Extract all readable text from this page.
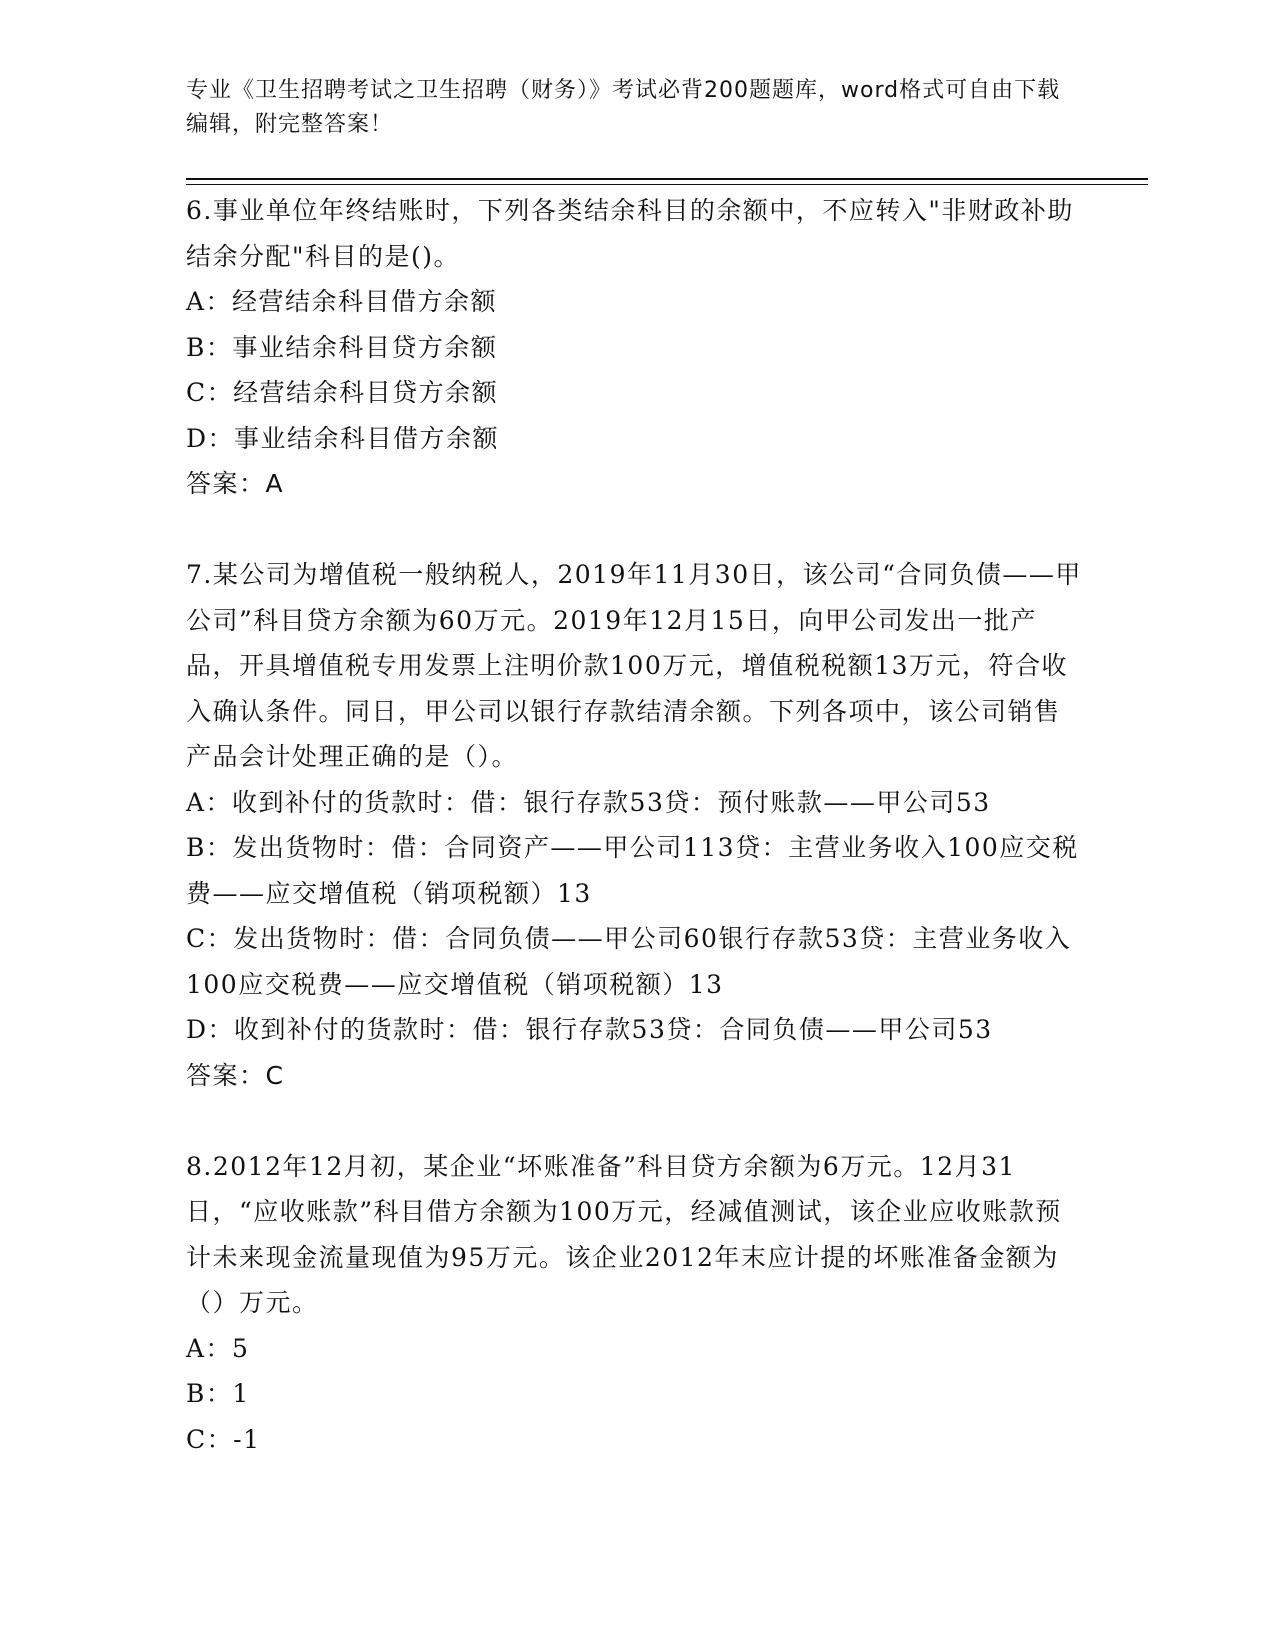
专业《卫生招聘考试之卫生招聘（财务）》考试必背200题题库，word格式可自由下载编辑，附完整答案！

6.事业单位年终结账时，下列各类结余科目的余额中，不应转入"非财政补助结余分配"科目的是()。

A：经营结余科目借方余额

B：事业结余科目贷方余额

C：经营结余科目贷方余额

D：事业结余科目借方余额

答案：A

7.某公司为增值税一般纳税人，2019年11月30日，该公司“合同负债——甲公司”科目贷方余额为60万元。2019年12月15日，向甲公司发出一批产品，开具增值税专用发票上注明价款100万元，增值税税额13万元，符合收入确认条件。同日，甲公司以银行存款结清余额。下列各项中，该公司销售产品会计处理正确的是（）。

A：收到补付的货款时：借：银行存款53贷：预付账款——甲公司53

B：发出货物时：借：合同资产——甲公司113贷：主营业务收入100应交税费——应交增值税（销项税额）13

C：发出货物时：借：合同负债——甲公司60银行存款53贷：主营业务收入100应交税费——应交增值税（销项税额）13

D：收到补付的货款时：借：银行存款53贷：合同负债——甲公司53

答案：C

8.2012年12月初，某企业“坏账准备”科目贷方余额为6万元。12月31日，“应收账款”科目借方余额为100万元，经减值测试，该企业应收账款预计未来现金流量现值为95万元。该企业2012年末应计提的坏账准备金额为（）万元。

A：5

B：1

C：-1
